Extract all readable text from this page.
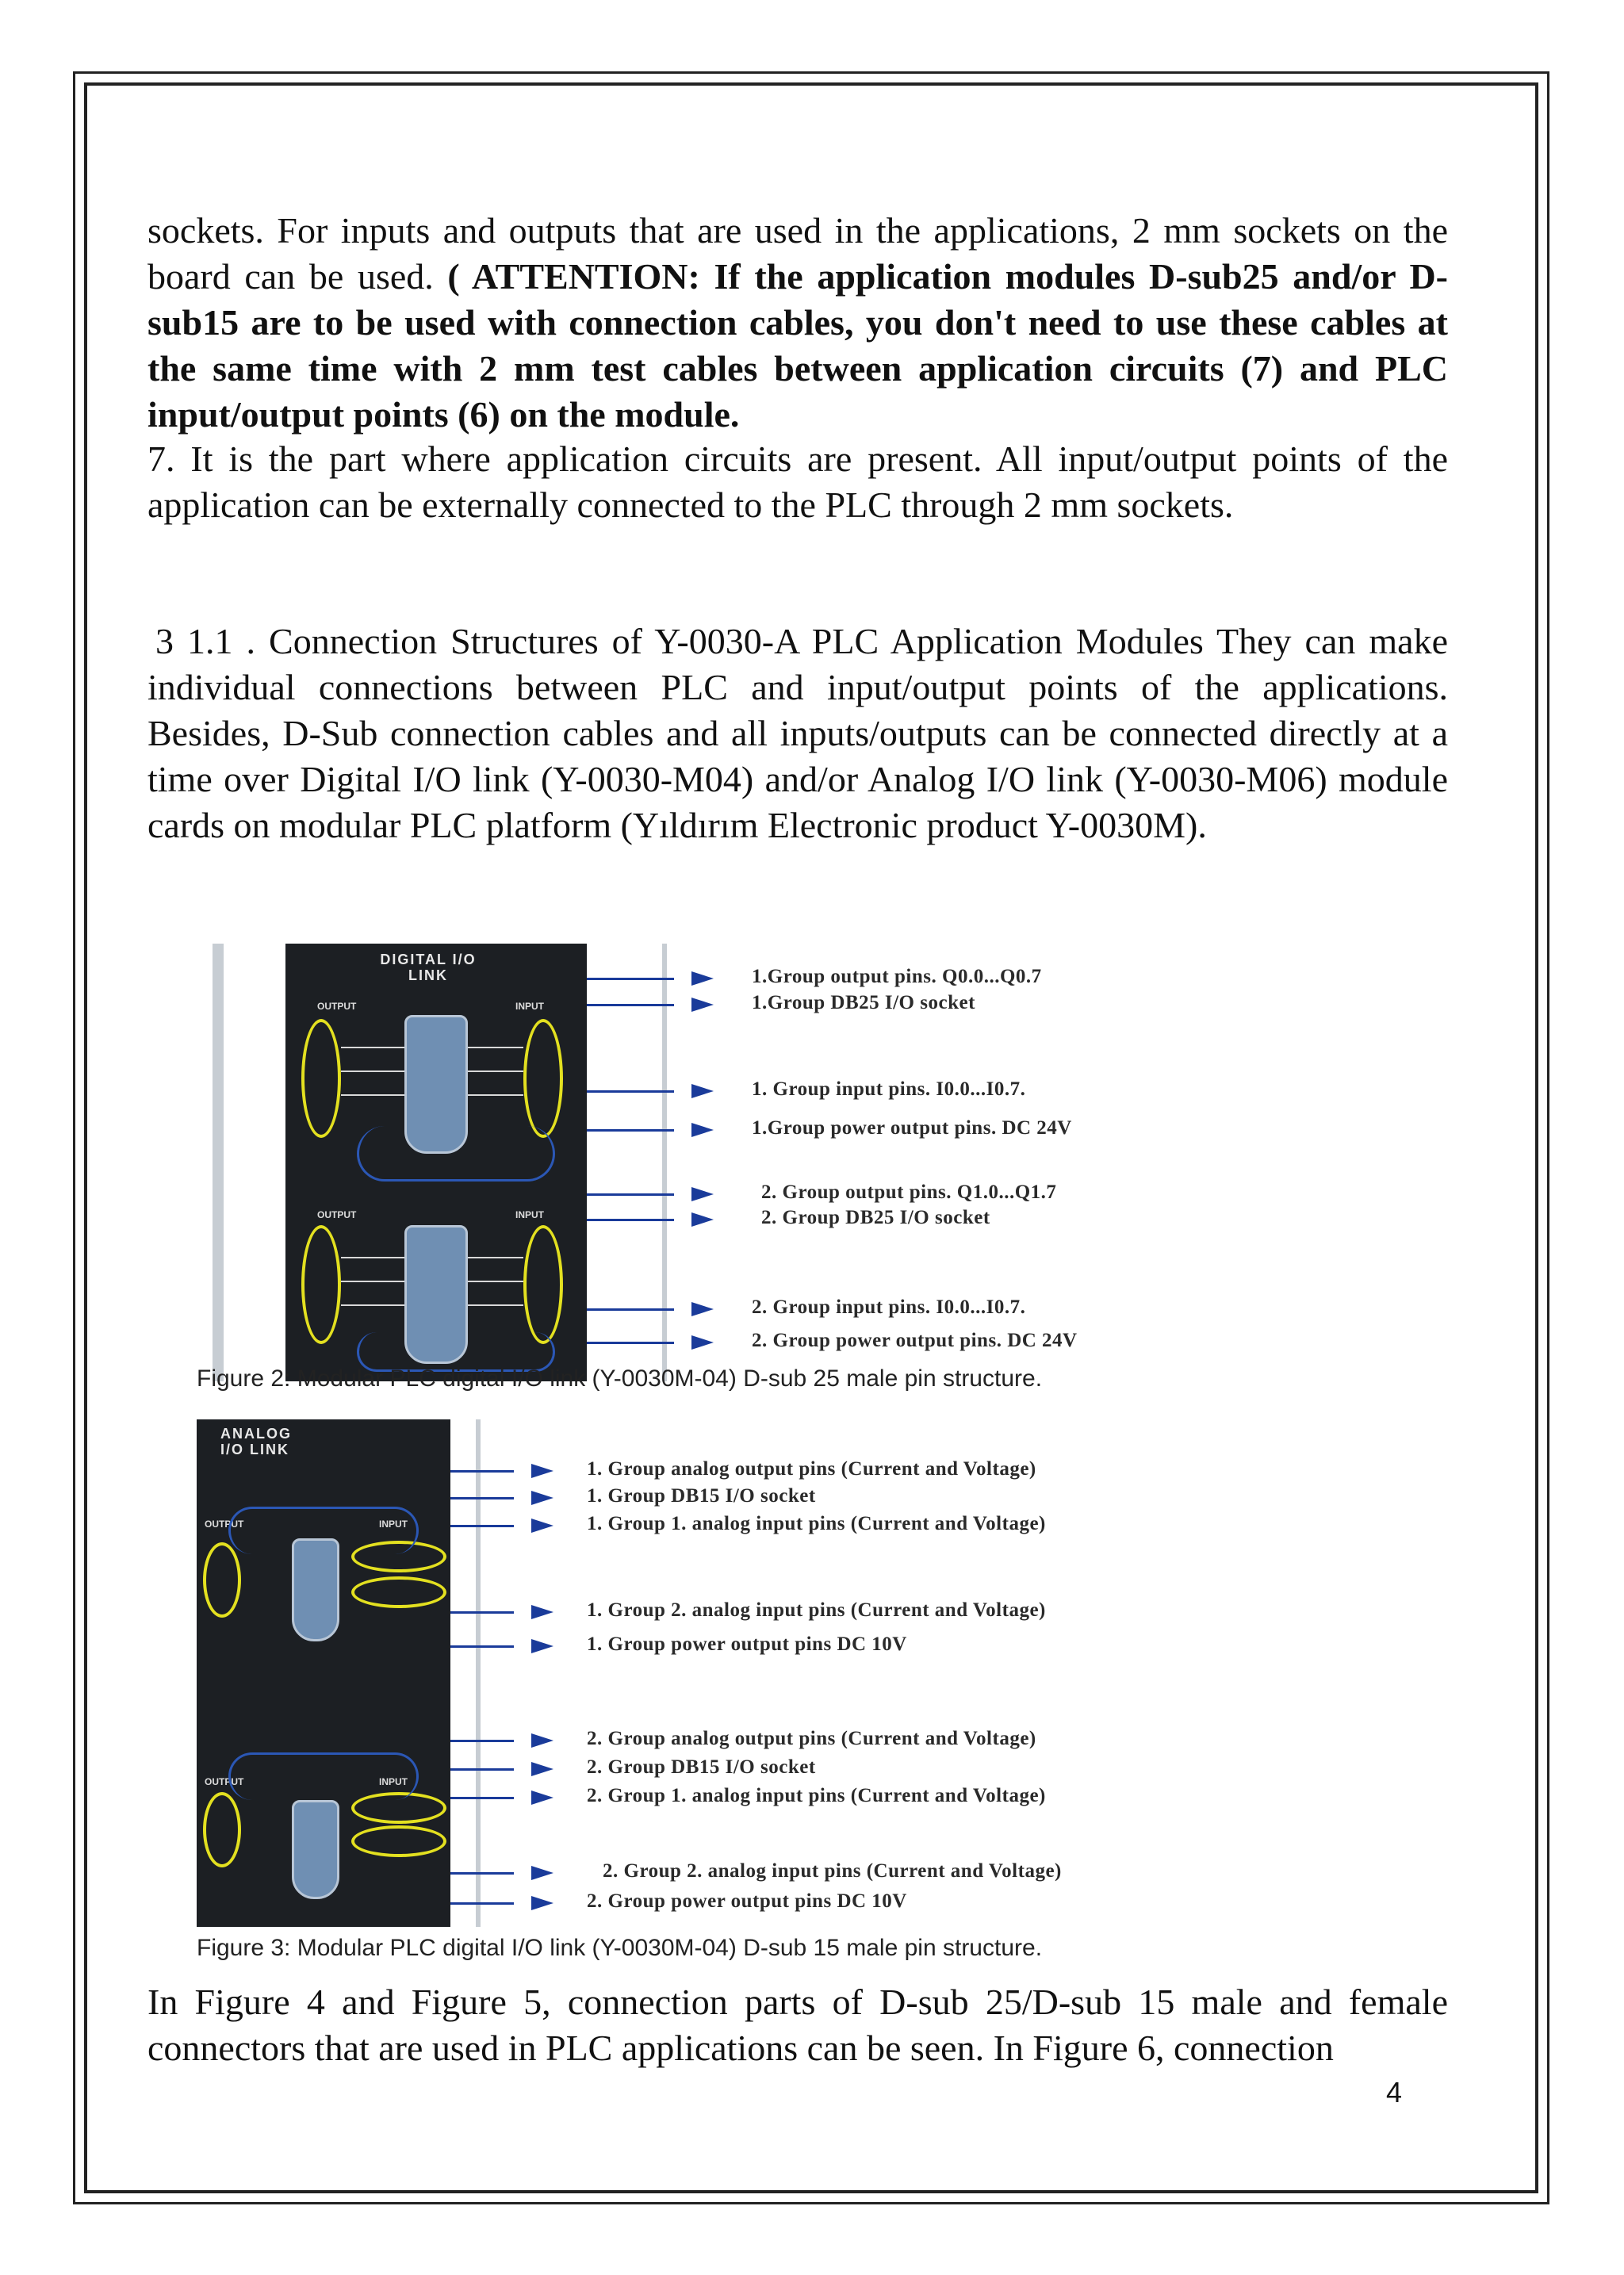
sockets. For inputs and outputs that are used in the applications, 2 mm sockets on the board can be used. ( ATTENTION: If the application modules D-sub25 and/or D-sub15 are to be used with connection cables, you don't need to use these cables at the same time with 2 mm test cables between application circuits (7) and PLC input/output points (6) on the module.
7. It is the part where application circuits are present. All input/output points of the application can be externally connected to the PLC through 2 mm sockets.
3 1.1 . Connection Structures of Y-0030-A PLC Application Modules They can make individual connections between PLC and input/output points of the applications. Besides, D-Sub connection cables and all inputs/outputs can be connected directly at a time over Digital I/O link (Y-0030-M04) and/or Analog I/O link (Y-0030-M06) module cards on modular PLC platform (Yıldırım Electronic product Y-0030M).
DIGITAL I/O LINK
OUTPUT	INPUT
OUTPUT	INPUT
1.Group output pins. Q0.0...Q0.7
1.Group DB25 I/O socket
1. Group input pins. I0.0...I0.7.
1.Group power output pins. DC 24V
2. Group output pins. Q1.0...Q1.7
2. Group DB25 I/O socket
2. Group input pins. I0.0...I0.7.
2. Group power output pins. DC 24V
Figure 2: Modular PLC digital I/O link (Y-0030M-04) D-sub 25 male pin structure.
ANALOG I/O LINK
OUTPUT	INPUT
OUTPUT	INPUT
1. Group analog output pins (Current and Voltage)
1. Group DB15 I/O socket
1. Group 1. analog input pins (Current and Voltage)
1. Group 2. analog input pins (Current and Voltage)
1. Group power output pins DC 10V
2. Group analog output pins (Current and Voltage)
2. Group DB15 I/O socket
2. Group 1. analog input pins (Current and Voltage)
2. Group 2. analog input pins (Current and Voltage)
2. Group power output pins DC 10V
Figure 3: Modular PLC digital I/O link (Y-0030M-04) D-sub 15 male pin structure.
In Figure 4 and Figure 5, connection parts of D-sub 25/D-sub 15 male and female connectors that are used in PLC applications can be seen. In Figure 6, connection
4
